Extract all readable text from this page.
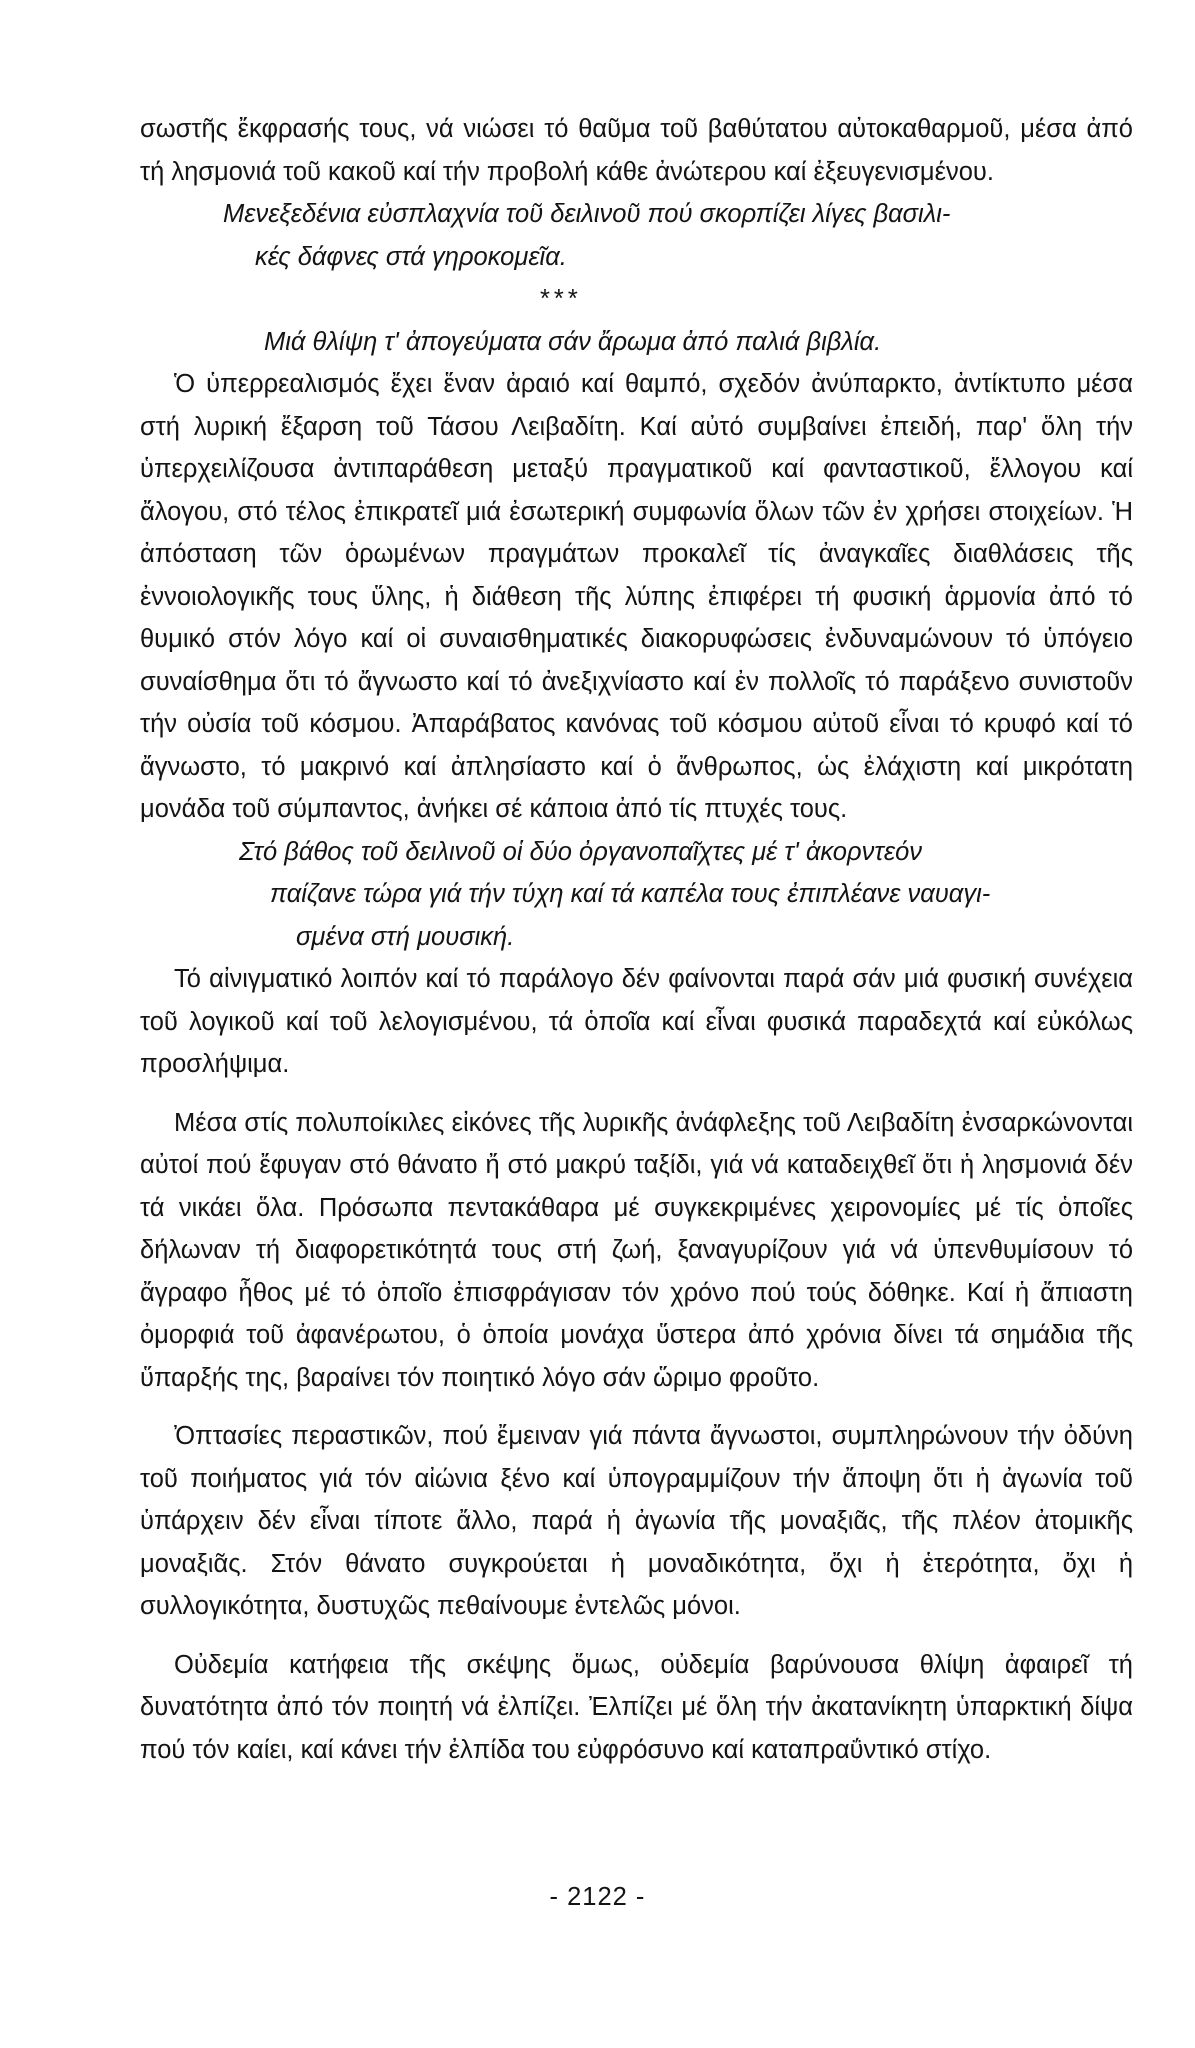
σωστῆς ἔκφρασής τους, νά νιώσει τό θαῦμα τοῦ βαθύτατου αὐτοκαθαρμοῦ, μέσα ἀπό τή λησμονιά τοῦ κακοῦ καί τήν προβολή κάθε ἀνώτερου καί ἐξευγενισμένου.

Μενεξεδένια εὐσπλαχνία τοῦ δειλινοῦ πού σκορπίζει λίγες βασιλι-
κές δάφνες στά γηροκομεῖα.
***
Μιά θλίψη τ' ἀπογεύματα σάν ἄρωμα ἀπό παλιά βιβλία.

Ὁ ὑπερρεαλισμός ἔχει ἕναν ἀραιό καί θαμπό, σχεδόν ἀνύπαρκτο, ἀντίκτυπο μέσα στή λυρική ἔξαρση τοῦ Τάσου Λειβαδίτη. Καί αὐτό συμβαίνει ἐπειδή, παρ' ὅλη τήν ὑπερχειλίζουσα ἀντιπαράθεση μεταξύ πραγματικοῦ καί φανταστικοῦ, ἔλλογου καί ἄλογου, στό τέλος ἐπικρατεῖ μιά ἐσωτερική συμφωνία ὅλων τῶν ἐν χρήσει στοιχείων. Ἡ ἀπόσταση τῶν ὁρωμένων πραγμάτων προκαλεῖ τίς ἀναγκαῖες διαθλάσεις τῆς ἐννοιολογικῆς τους ὕλης, ἡ διάθεση τῆς λύπης ἐπιφέρει τή φυσική ἁρμονία ἀπό τό θυμικό στόν λόγο καί οἱ συναισθηματικές διακορυφώσεις ἐνδυναμώνουν τό ὑπόγειο συναίσθημα ὅτι τό ἄγνωστο καί τό ἀνεξιχνίαστο καί ἐν πολλοῖς τό παράξενο συνιστοῦν τήν οὐσία τοῦ κόσμου. Ἀπαράβατος κανόνας τοῦ κόσμου αὐτοῦ εἶναι τό κρυφό καί τό ἄγνωστο, τό μακρινό καί ἀπλησίαστο καί ὁ ἄνθρωπος, ὡς ἐλάχιστη καί μικρότατη μονάδα τοῦ σύμπαντος, ἀνήκει σέ κάποια ἀπό τίς πτυχές τους.

Στό βάθος τοῦ δειλινοῦ οἱ δύο ὀργανοπαῖχτες μέ τ' ἀκορντεόν
παίζανε τώρα γιά τήν τύχη καί τά καπέλα τους ἐπιπλέανε ναυαγι-
σμένα στή μουσική.

Τό αἰνιγματικό λοιπόν καί τό παράλογο δέν φαίνονται παρά σάν μιά φυσική συνέχεια τοῦ λογικοῦ καί τοῦ λελογισμένου, τά ὁποῖα καί εἶναι φυσικά παραδεχτά καί εὐκόλως προσλήψιμα.

Μέσα στίς πολυποίκιλες εἰκόνες τῆς λυρικῆς ἀνάφλεξης τοῦ Λειβαδίτη ἐνσαρκώνονται αὐτοί πού ἔφυγαν στό θάνατο ἤ στό μακρύ ταξίδι, γιά νά καταδειχθεῖ ὅτι ἡ λησμονιά δέν τά νικάει ὅλα. Πρόσωπα πεντακάθαρα μέ συγκεκριμένες χειρονομίες μέ τίς ὁποῖες δήλωναν τή διαφορετικότητά τους στή ζωή, ξαναγυρίζουν γιά νά ὑπενθυμίσουν τό ἄγραφο ἦθος μέ τό ὁποῖο ἐπισφράγισαν τόν χρόνο πού τούς δόθηκε. Καί ἡ ἄπιαστη ὀμορφιά τοῦ ἀφανέρωτου, ὁ ὁποία μονάχα ὕστερα ἀπό χρόνια δίνει τά σημάδια τῆς ὕπαρξής της, βαραίνει τόν ποιητικό λόγο σάν ὥριμο φροῦτο.

Ὀπτασίες περαστικῶν, πού ἔμειναν γιά πάντα ἄγνωστοι, συμπληρώνουν τήν ὀδύνη τοῦ ποιήματος γιά τόν αἰώνια ξένο καί ὑπογραμμίζουν τήν ἄποψη ὅτι ἡ ἀγωνία τοῦ ὑπάρχειν δέν εἶναι τίποτε ἄλλο, παρά ἡ ἀγωνία τῆς μοναξιᾶς, τῆς πλέον ἀτομικῆς μοναξιᾶς. Στόν θάνατο συγκρούεται ἡ μοναδικότητα, ὄχι ἡ ἑτερότητα, ὄχι ἡ συλλογικότητα, δυστυχῶς πεθαίνουμε ἐντελῶς μόνοι.

Οὐδεμία κατήφεια τῆς σκέψης ὅμως, οὐδεμία βαρύνουσα θλίψη ἀφαιρεῖ τή δυνατότητα ἀπό τόν ποιητή νά ἐλπίζει. Ἐλπίζει μέ ὅλη τήν ἀκατανίκητη ὑπαρκτική δίψα πού τόν καίει, καί κάνει τήν ἐλπίδα του εὐφρόσυνο καί καταπραΰντικό στίχο.

- 2122 -
